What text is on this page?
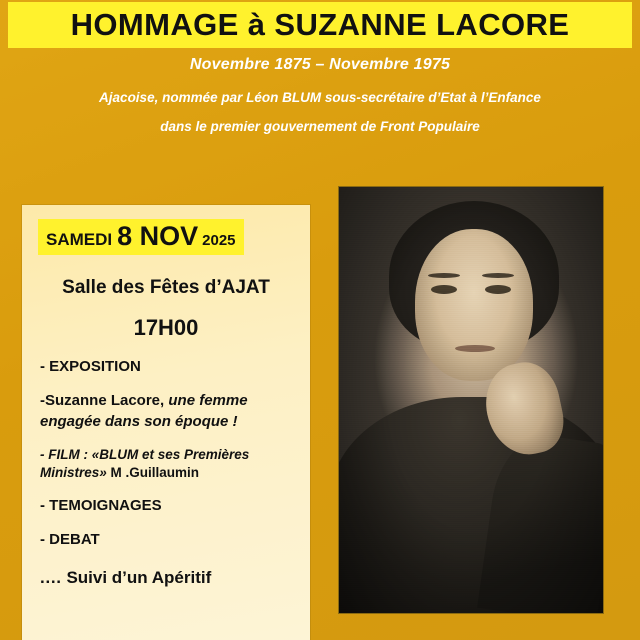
HOMMAGE à SUZANNE LACORE
Novembre 1875 – Novembre 1975
Ajacoise, nommée par Léon BLUM sous-secrétaire d’Etat à l’Enfance
dans le premier gouvernement de Front Populaire
SAMEDI 8 NOV 2025
Salle des Fêtes d’AJAT
17H00
- EXPOSITION
-Suzanne Lacore, une femme engagée dans son époque !
- FILM : «BLUM et ses Premières Ministres» M .Guillaumin
- TEMOIGNAGES
- DEBAT
.… Suivi d’un Apéritif
